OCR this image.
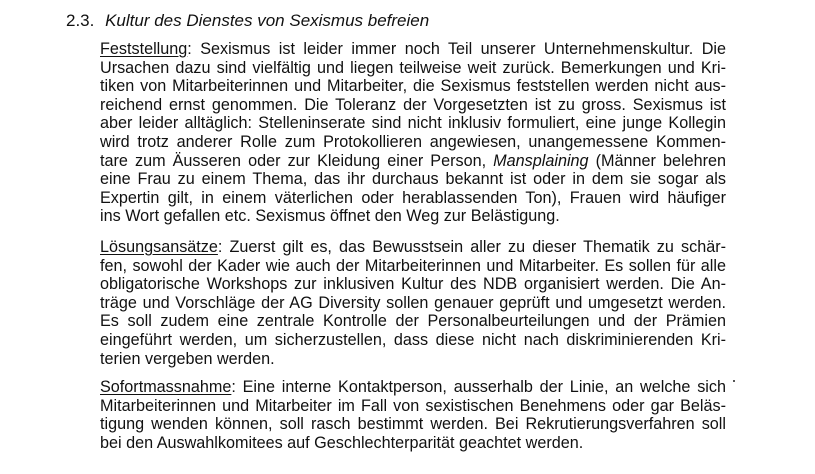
2.3. Kultur des Dienstes von Sexismus befreien
Feststellung: Sexismus ist leider immer noch Teil unserer Unternehmenskultur. Die
Ursachen dazu sind vielfältig und liegen teilweise weit zurück. Bemerkungen und Kri-
tiken von Mitarbeiterinnen und Mitarbeiter, die Sexismus feststellen werden nicht aus-
reichend ernst genommen. Die Toleranz der Vorgesetzten ist zu gross. Sexismus ist
aber leider alltäglich: Stelleninserate sind nicht inklusiv formuliert, eine junge Kollegin
wird trotz anderer Rolle zum Protokollieren angewiesen, unangemessene Kommen-
tare zum Äusseren oder zur Kleidung einer Person, Mansplaining (Männer belehren
eine Frau zu einem Thema, das ihr durchaus bekannt ist oder in dem sie sogar als
Expertin gilt, in einem väterlichen oder herablassenden Ton), Frauen wird häufiger
ins Wort gefallen etc. Sexismus öffnet den Weg zur Belästigung.
Lösungsansätze: Zuerst gilt es, das Bewusstsein aller zu dieser Thematik zu schär-
fen, sowohl der Kader wie auch der Mitarbeiterinnen und Mitarbeiter. Es sollen für alle
obligatorische Workshops zur inklusiven Kultur des NDB organisiert werden. Die An-
träge und Vorschläge der AG Diversity sollen genauer geprüft und umgesetzt werden.
Es soll zudem eine zentrale Kontrolle der Personalbeurteilungen und der Prämien
eingeführt werden, um sicherzustellen, dass diese nicht nach diskriminierenden Kri-
terien vergeben werden.
Sofortmassnahme: Eine interne Kontaktperson, ausserhalb der Linie, an welche sich
Mitarbeiterinnen und Mitarbeiter im Fall von sexistischen Benehmens oder gar Beläs-
tigung wenden können, soll rasch bestimmt werden. Bei Rekrutierungsverfahren soll
bei den Auswahlkomitees auf Geschlechterparität geachtet werden.
